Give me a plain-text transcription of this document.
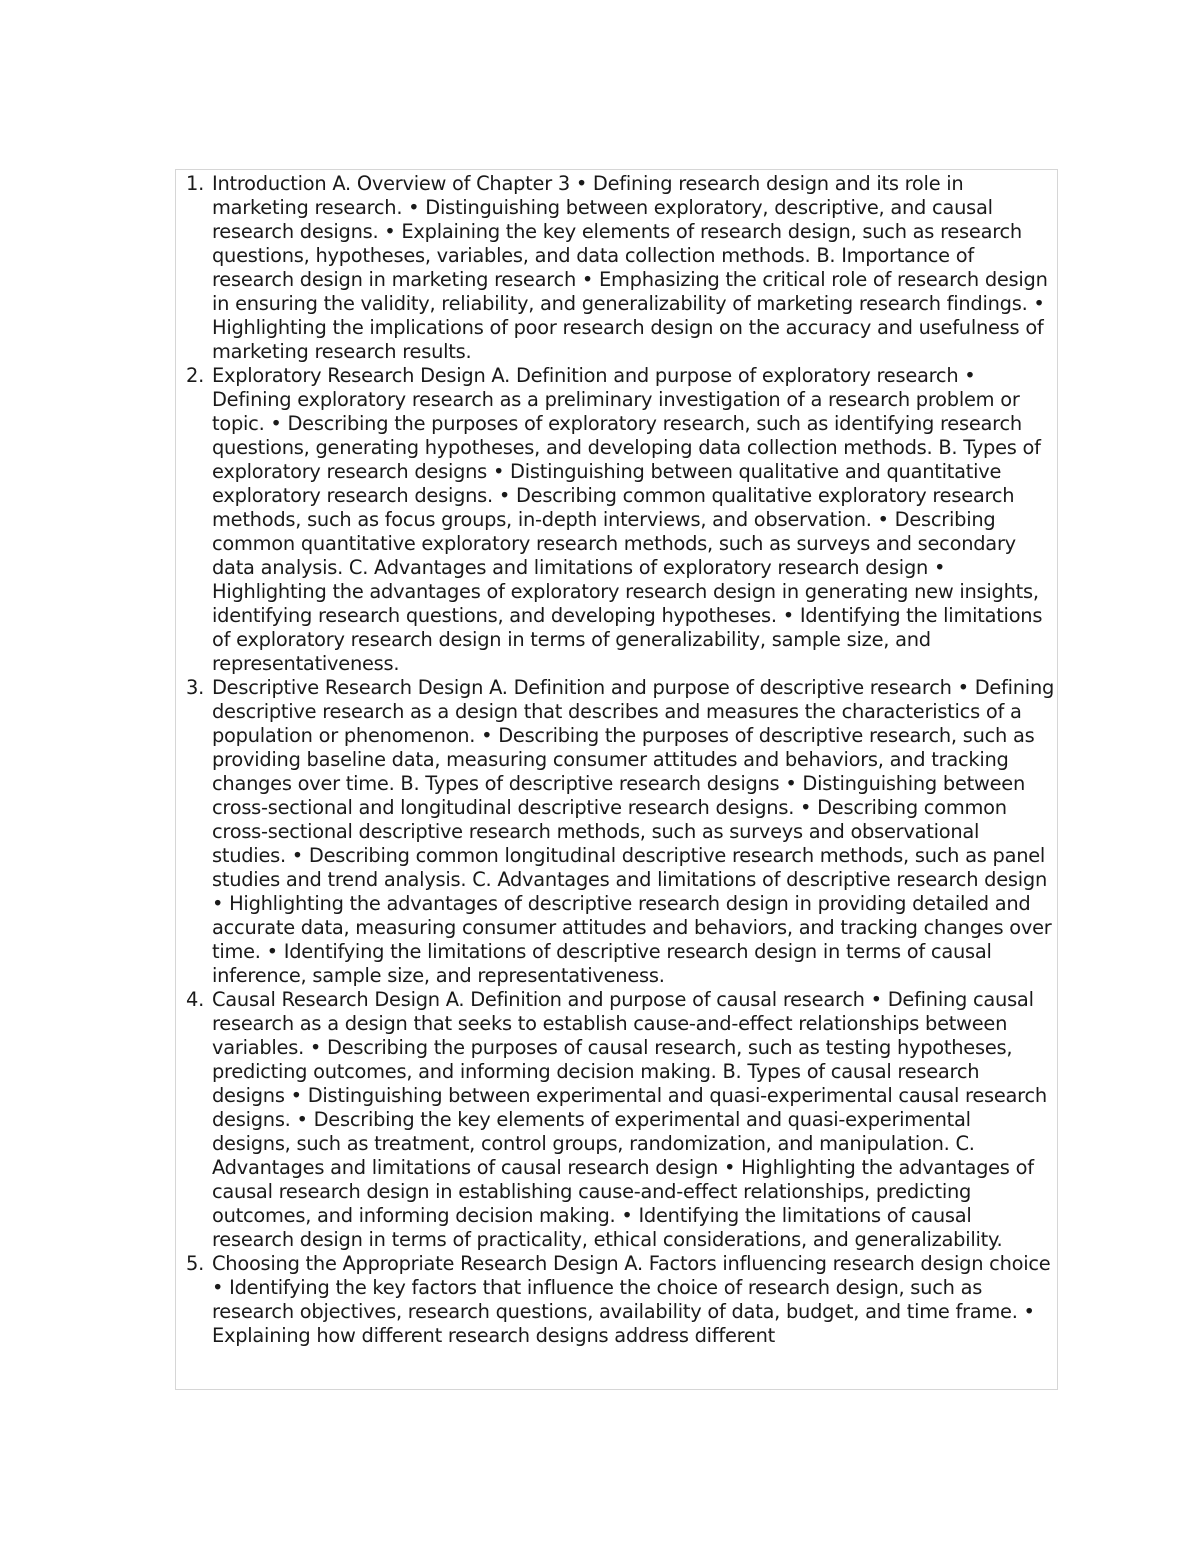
1. Introduction A. Overview of Chapter 3 • Defining research design and its role in marketing research. • Distinguishing between exploratory, descriptive, and causal research designs. • Explaining the key elements of research design, such as research questions, hypotheses, variables, and data collection methods. B. Importance of research design in marketing research • Emphasizing the critical role of research design in ensuring the validity, reliability, and generalizability of marketing research findings. • Highlighting the implications of poor research design on the accuracy and usefulness of marketing research results.
2. Exploratory Research Design A. Definition and purpose of exploratory research • Defining exploratory research as a preliminary investigation of a research problem or topic. • Describing the purposes of exploratory research, such as identifying research questions, generating hypotheses, and developing data collection methods. B. Types of exploratory research designs • Distinguishing between qualitative and quantitative exploratory research designs. • Describing common qualitative exploratory research methods, such as focus groups, in-depth interviews, and observation. • Describing common quantitative exploratory research methods, such as surveys and secondary data analysis. C. Advantages and limitations of exploratory research design • Highlighting the advantages of exploratory research design in generating new insights, identifying research questions, and developing hypotheses. • Identifying the limitations of exploratory research design in terms of generalizability, sample size, and representativeness.
3. Descriptive Research Design A. Definition and purpose of descriptive research • Defining descriptive research as a design that describes and measures the characteristics of a population or phenomenon. • Describing the purposes of descriptive research, such as providing baseline data, measuring consumer attitudes and behaviors, and tracking changes over time. B. Types of descriptive research designs • Distinguishing between cross-sectional and longitudinal descriptive research designs. • Describing common cross-sectional descriptive research methods, such as surveys and observational studies. • Describing common longitudinal descriptive research methods, such as panel studies and trend analysis. C. Advantages and limitations of descriptive research design • Highlighting the advantages of descriptive research design in providing detailed and accurate data, measuring consumer attitudes and behaviors, and tracking changes over time. • Identifying the limitations of descriptive research design in terms of causal inference, sample size, and representativeness.
4. Causal Research Design A. Definition and purpose of causal research • Defining causal research as a design that seeks to establish cause-and-effect relationships between variables. • Describing the purposes of causal research, such as testing hypotheses, predicting outcomes, and informing decision making. B. Types of causal research designs • Distinguishing between experimental and quasi-experimental causal research designs. • Describing the key elements of experimental and quasi-experimental designs, such as treatment, control groups, randomization, and manipulation. C. Advantages and limitations of causal research design • Highlighting the advantages of causal research design in establishing cause-and-effect relationships, predicting outcomes, and informing decision making. • Identifying the limitations of causal research design in terms of practicality, ethical considerations, and generalizability.
5. Choosing the Appropriate Research Design A. Factors influencing research design choice • Identifying the key factors that influence the choice of research design, such as research objectives, research questions, availability of data, budget, and time frame. • Explaining how different research designs address different
